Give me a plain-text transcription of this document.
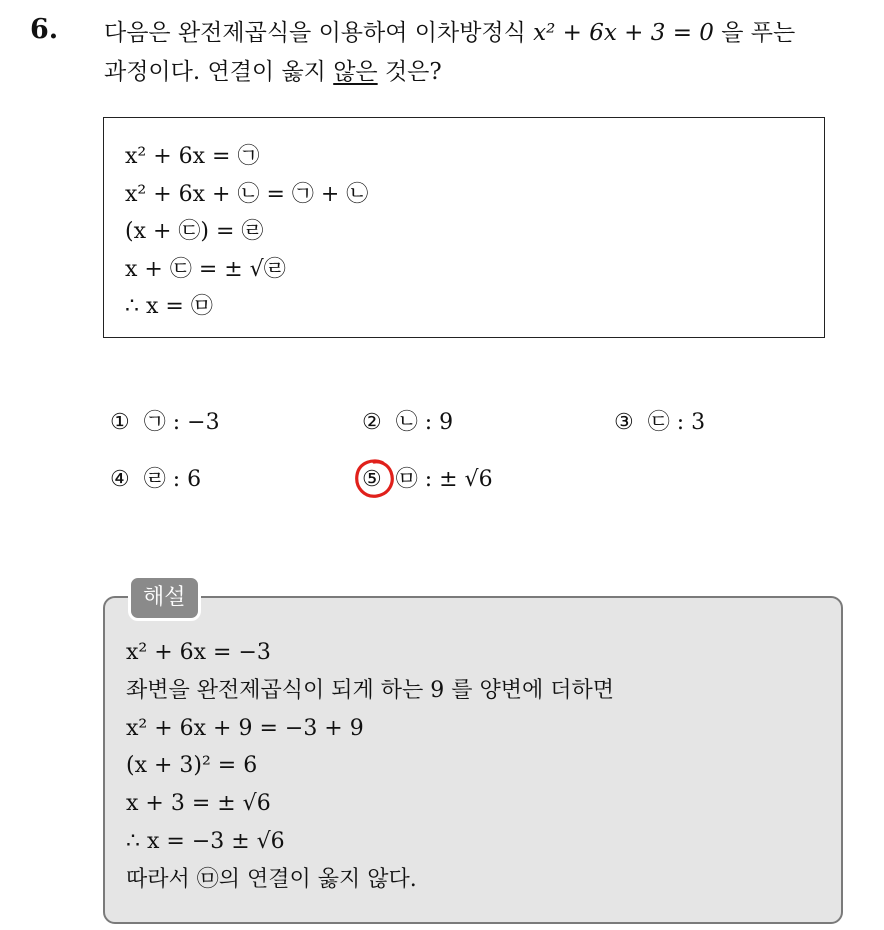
6. 다음은 완전제곱식을 이용하여 이차방정식 x² + 6x + 3 = 0 을 푸는
과정이다. 연결이 옳지 않은 것은?
x² + 6x = ㉠
x² + 6x + ㉡ = ㉠ + ㉡
(x + ㉢) = ㉣
x + ㉢ = ± √㉣
∴ x = ㉤
① ㉠ : −3	② ㉡ : 9	③ ㉢ : 3
④ ㉣ : 6	⑤ ㉤ : ± √6
x² + 6x = −3
좌변을 완전제곱식이 되게 하는 9 를 양변에 더하면
x² + 6x + 9 = −3 + 9
(x + 3)² = 6
x + 3 = ± √6
∴ x = −3 ± √6
따라서 ㉤의 연결이 옳지 않다.
해설
